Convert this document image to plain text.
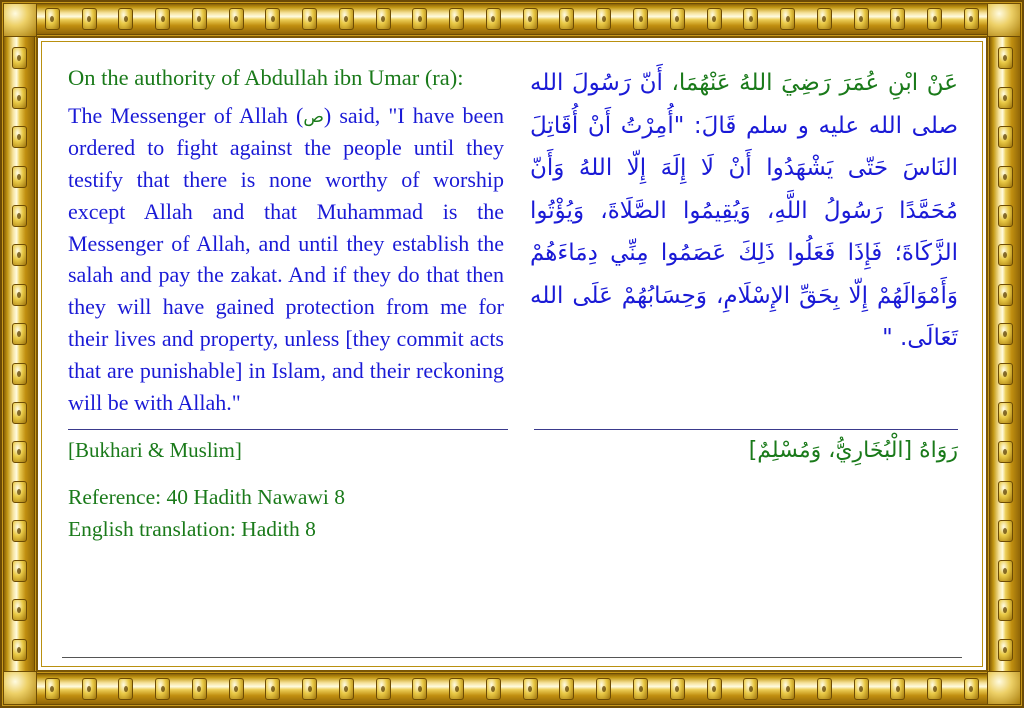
On the authority of Abdullah ibn Umar (ra):

The Messenger of Allah (ص) said, "I have been ordered to fight against the people until they testify that there is none worthy of worship except Allah and that Muhammad is the Messenger of Allah, and until they establish the salah and pay the zakat. And if they do that then they will have gained protection from me for their lives and property, unless [they commit acts that are punishable] in Islam, and their reckoning will be with Allah."

عَنْ ابْنِ عُمَرَ رَضِيَ اللهُ عَنْهُمَا، أَنّ رَسُولَ الله صلى الله عليه و سلم قَالَ: "أُمِرْتُ أَنْ أُقَاتِلَ النَاسَ حَتّى يَشْهَدُوا أَنْ لَا إِلَهَ إِلّا اللهُ وَأَنّ مُحَمَّدًا رَسُولُ اللَّهِ، وَيُقِيمُوا الصَّلَاةَ، وَيُؤْتُوا الزَّكَاةَ؛ فَإِذَا فَعَلُوا ذَلِكَ عَصَمُوا مِنِّي دِمَاءَهُمْ وَأَمْوَالَهُمْ إِلّا بِحَقِّ الإِسْلَامِ، وَحِسَابُهُمْ عَلَى الله تَعَالَى. "

[Bukhari & Muslim]	رَوَاهُ [الْبُخَارِيُّ، وَمُسْلِمٌ]
Reference: 40 Hadith Nawawi 8
English translation: Hadith 8
